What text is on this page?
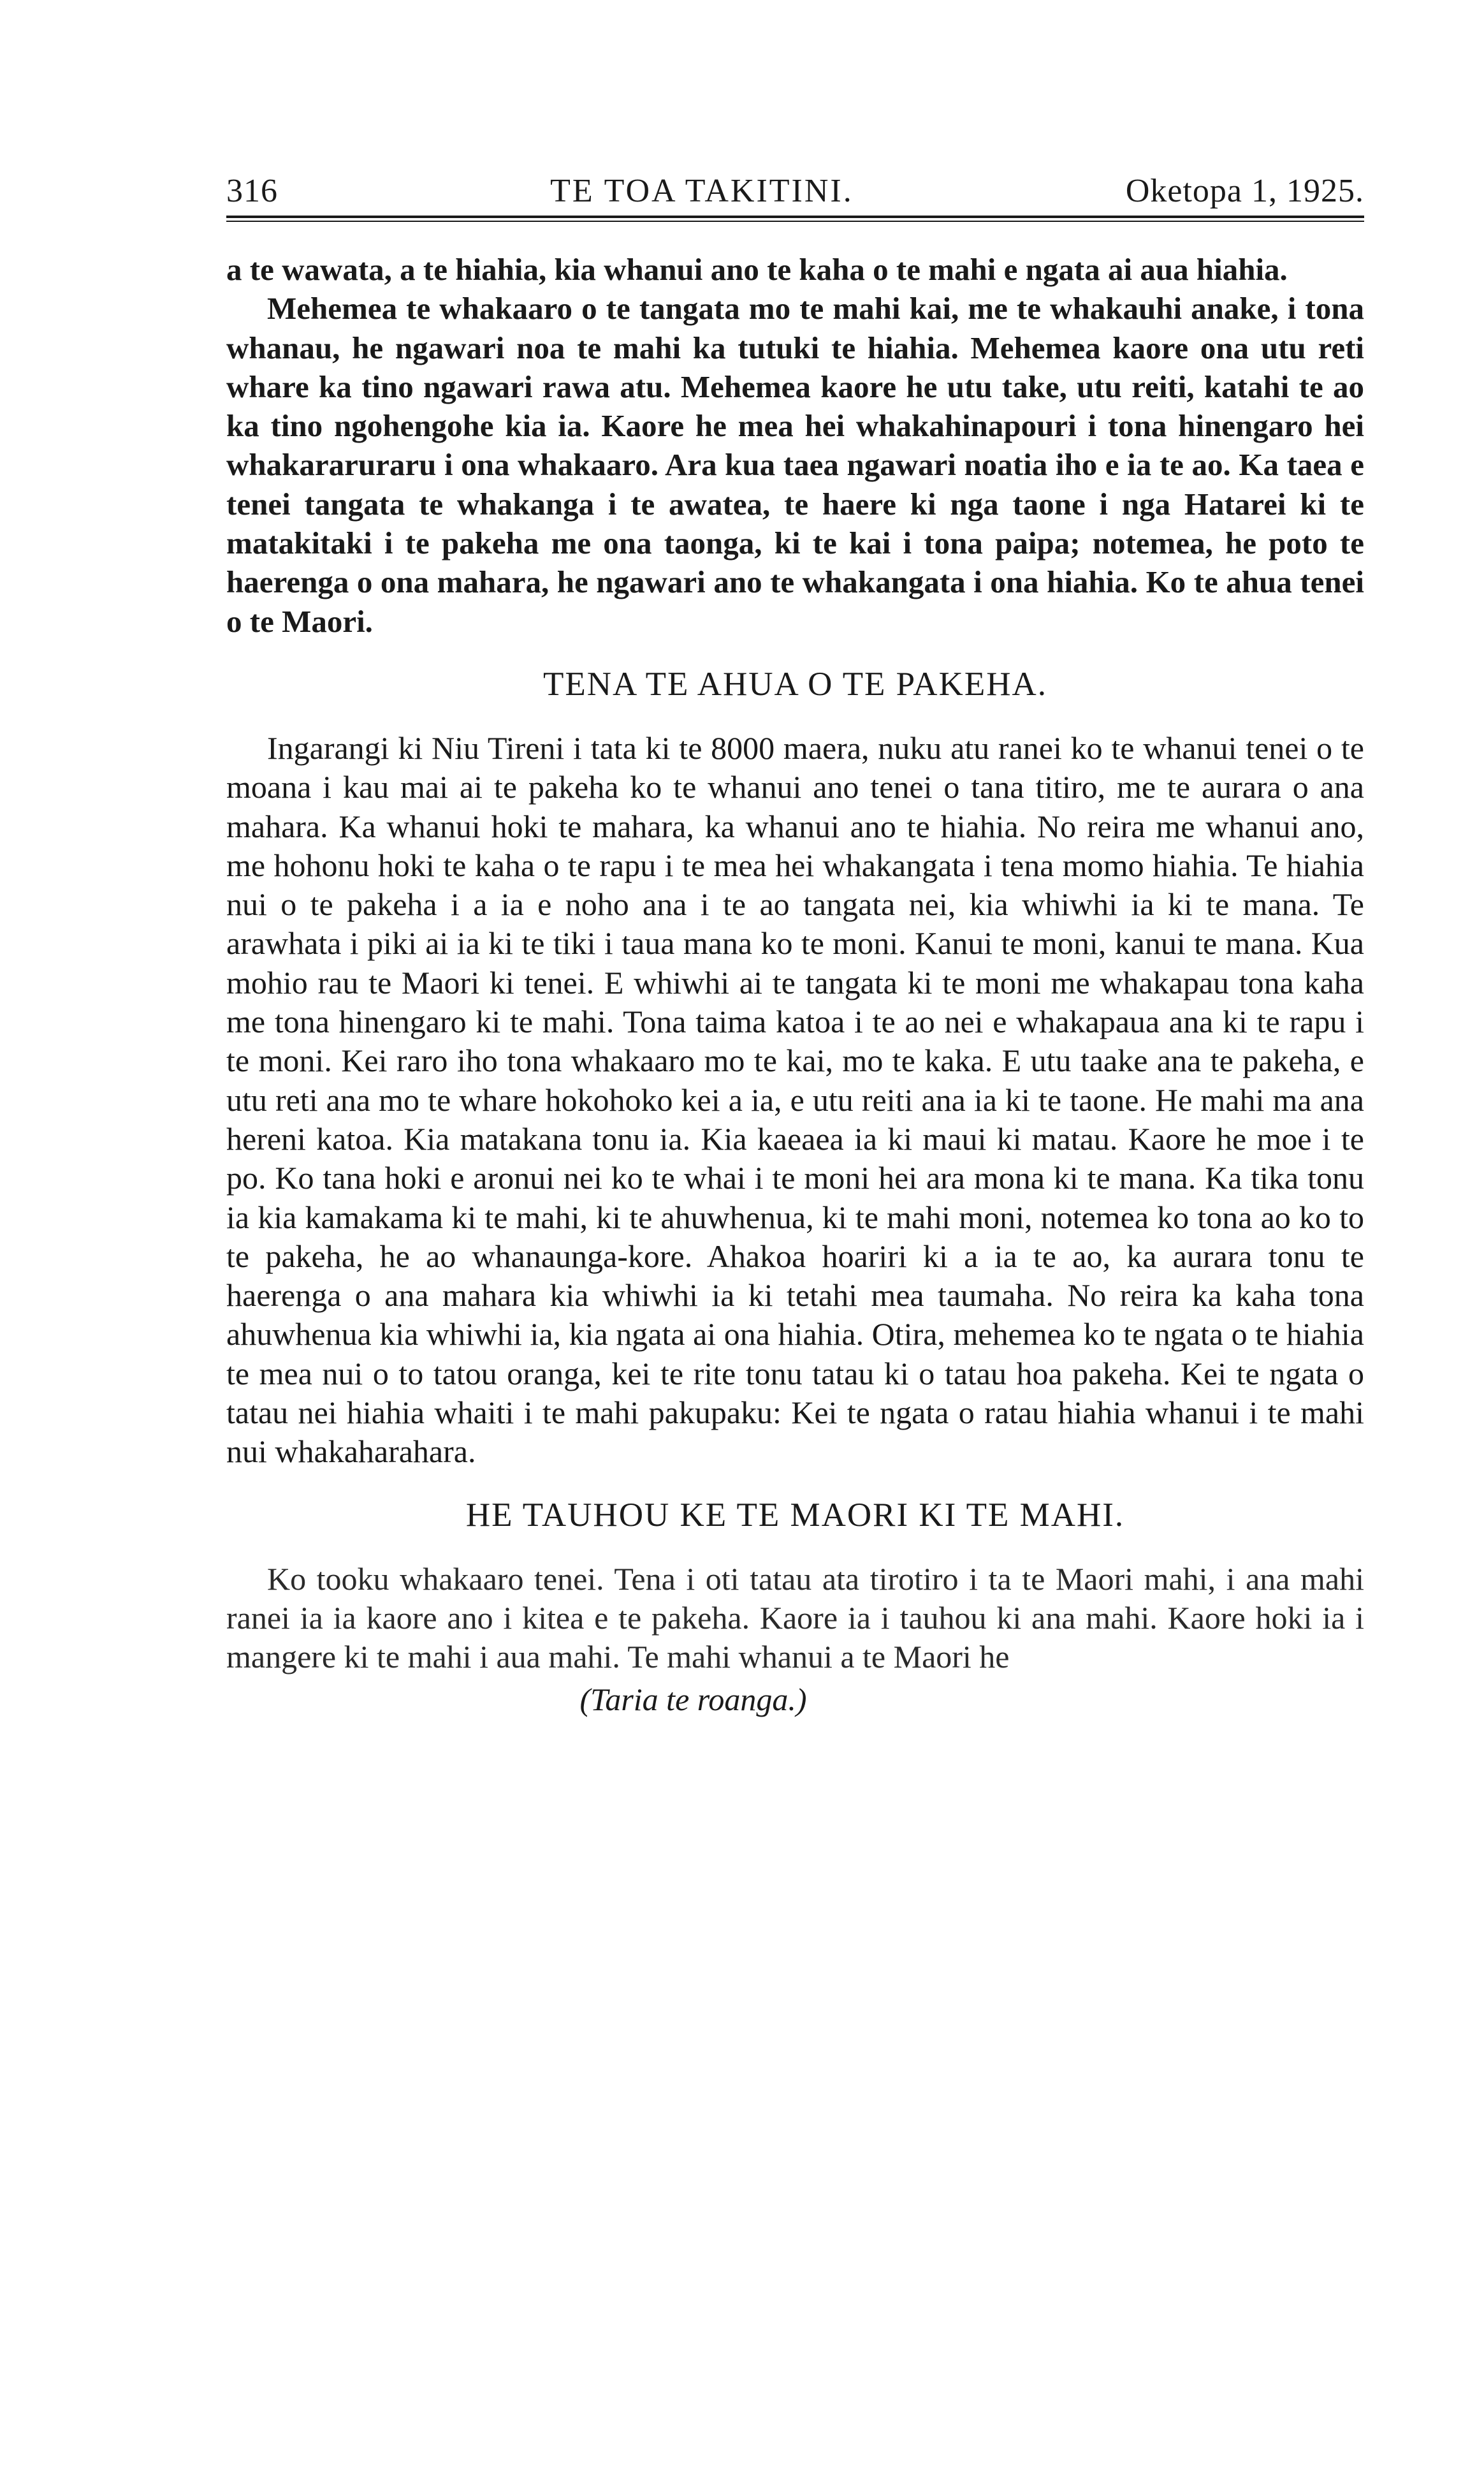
316	TE TOA TAKITINI.	Oketopa 1, 1925.

a te wawata, a te hiahia, kia whanui ano te kaha o te mahi e ngata ai aua hiahia.

Mehemea te whakaaro o te tangata mo te mahi kai, me te whakauhi anake, i tona whanau, he ngawari noa te mahi ka tutuki te hiahia. Mehemea kaore ona utu reti whare ka tino ngawari rawa atu. Mehemea kaore he utu take, utu reiti, katahi te ao ka tino ngohengohe kia ia. Kaore he mea hei whakahinapouri i tona hinengaro hei whakararuraru i ona whakaaro. Ara kua taea ngawari noatia iho e ia te ao. Ka taea e tenei tangata te whakanga i te awatea, te haere ki nga taone i nga Hatarei ki te matakitaki i te pakeha me ona taonga, ki te kai i tona paipa; notemea, he poto te haerenga o ona mahara, he ngawari ano te whakangata i ona hiahia. Ko te ahua tenei o te Maori.

TENA TE AHUA O TE PAKEHA.

Ingarangi ki Niu Tireni i tata ki te 8000 maera, nuku atu ranei ko te whanui tenei o te moana i kau mai ai te pakeha ko te whanui ano tenei o tana titiro, me te aurara o ana mahara. Ka whanui hoki te mahara, ka whanui ano te hiahia. No reira me whanui ano, me hohonu hoki te kaha o te rapu i te mea hei whakangata i tena momo hiahia. Te hiahia nui o te pakeha i a ia e noho ana i te ao tangata nei, kia whiwhi ia ki te mana. Te arawhata i piki ai ia ki te tiki i taua mana ko te moni. Kanui te moni, kanui te mana. Kua mohio rau te Maori ki tenei. E whiwhi ai te tangata ki te moni me whakapau tona kaha me tona hinengaro ki te mahi. Tona taima katoa i te ao nei e whakapaua ana ki te rapu i te moni. Kei raro iho tona whakaaro mo te kai, mo te kaka. E utu taake ana te pakeha, e utu reti ana mo te whare hokohoko kei a ia, e utu reiti ana ia ki te taone. He mahi ma ana hereni katoa. Kia matakana tonu ia. Kia kaeaea ia ki maui ki matau. Kaore he moe i te po. Ko tana hoki e aronui nei ko te whai i te moni hei ara mona ki te mana. Ka tika tonu ia kia kamakama ki te mahi, ki te ahuwhenua, ki te mahi moni, notemea ko tona ao ko to te pakeha, he ao whanaunga-kore. Ahakoa hoariri ki a ia te ao, ka aurara tonu te haerenga o ana mahara kia whiwhi ia ki tetahi mea taumaha. No reira ka kaha tona ahuwhenua kia whiwhi ia, kia ngata ai ona hiahia. Otira, mehemea ko te ngata o te hiahia te mea nui o to tatou oranga, kei te rite tonu tatau ki o tatau hoa pakeha. Kei te ngata o tatau nei hiahia whaiti i te mahi pakupaku: Kei te ngata o ratau hiahia whanui i te mahi nui whakaharahara.

HE TAUHOU KE TE MAORI KI TE MAHI.

Ko tooku whakaaro tenei. Tena i oti tatau ata tirotiro i ta te Maori mahi, i ana mahi ranei ia ia kaore ano i kitea e te pakeha. Kaore ia i tauhou ki ana mahi. Kaore hoki ia i mangere ki te mahi i aua mahi. Te mahi whanui a te Maori he

(Taria te roanga.)
